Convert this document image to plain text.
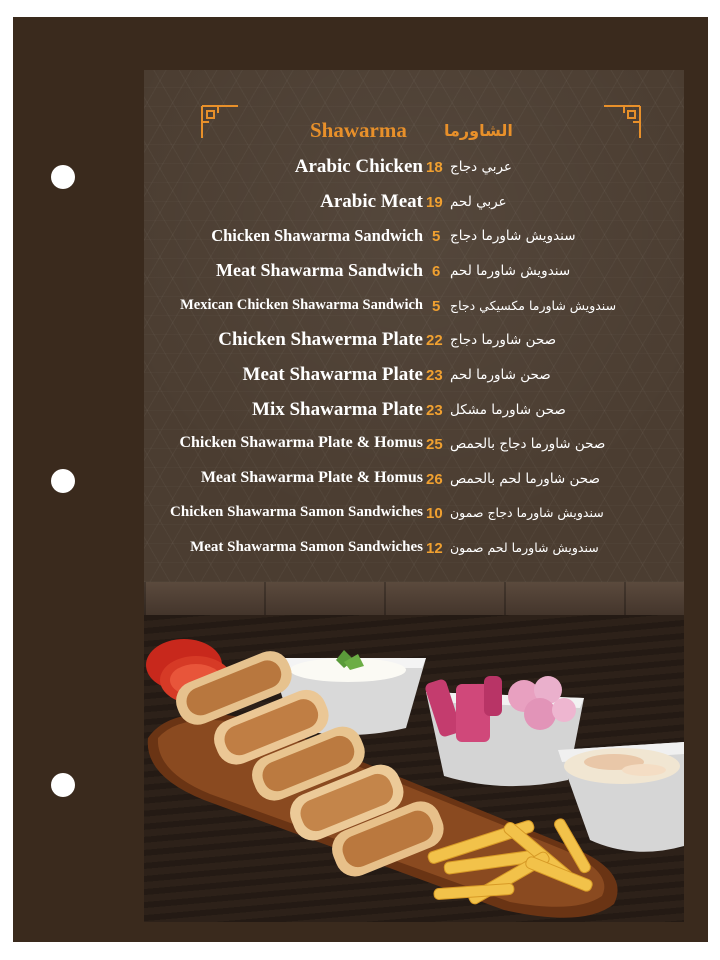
Shawarma الشاورما
Arabic Chicken 18 عربي دجاج
Arabic Meat 19 عربي لحم
Chicken Shawarma Sandwich 5 سندويش شاورما دجاج
Meat Shawarma Sandwich 6 سندويش شاورما لحم
Mexican Chicken Shawarma Sandwich 5 سندويش شاورما مكسيكي دجاج
Chicken Shawerma Plate 22 صحن شاورما دجاج
Meat Shawarma Plate 23 صحن شاورما لحم
Mix Shawarma Plate 23 صحن شاورما مشكل
Chicken Shawarma Plate & Homus 25 صحن شاورما دجاج بالحمص
Meat Shawarma Plate & Homus 26 صحن شاورما لحم بالحمص
Chicken Shawarma Samon Sandwiches 10 سندويش شاورما دجاج صمون
Meat Shawarma Samon Sandwiches 12 سندويش شاورما لحم صمون
